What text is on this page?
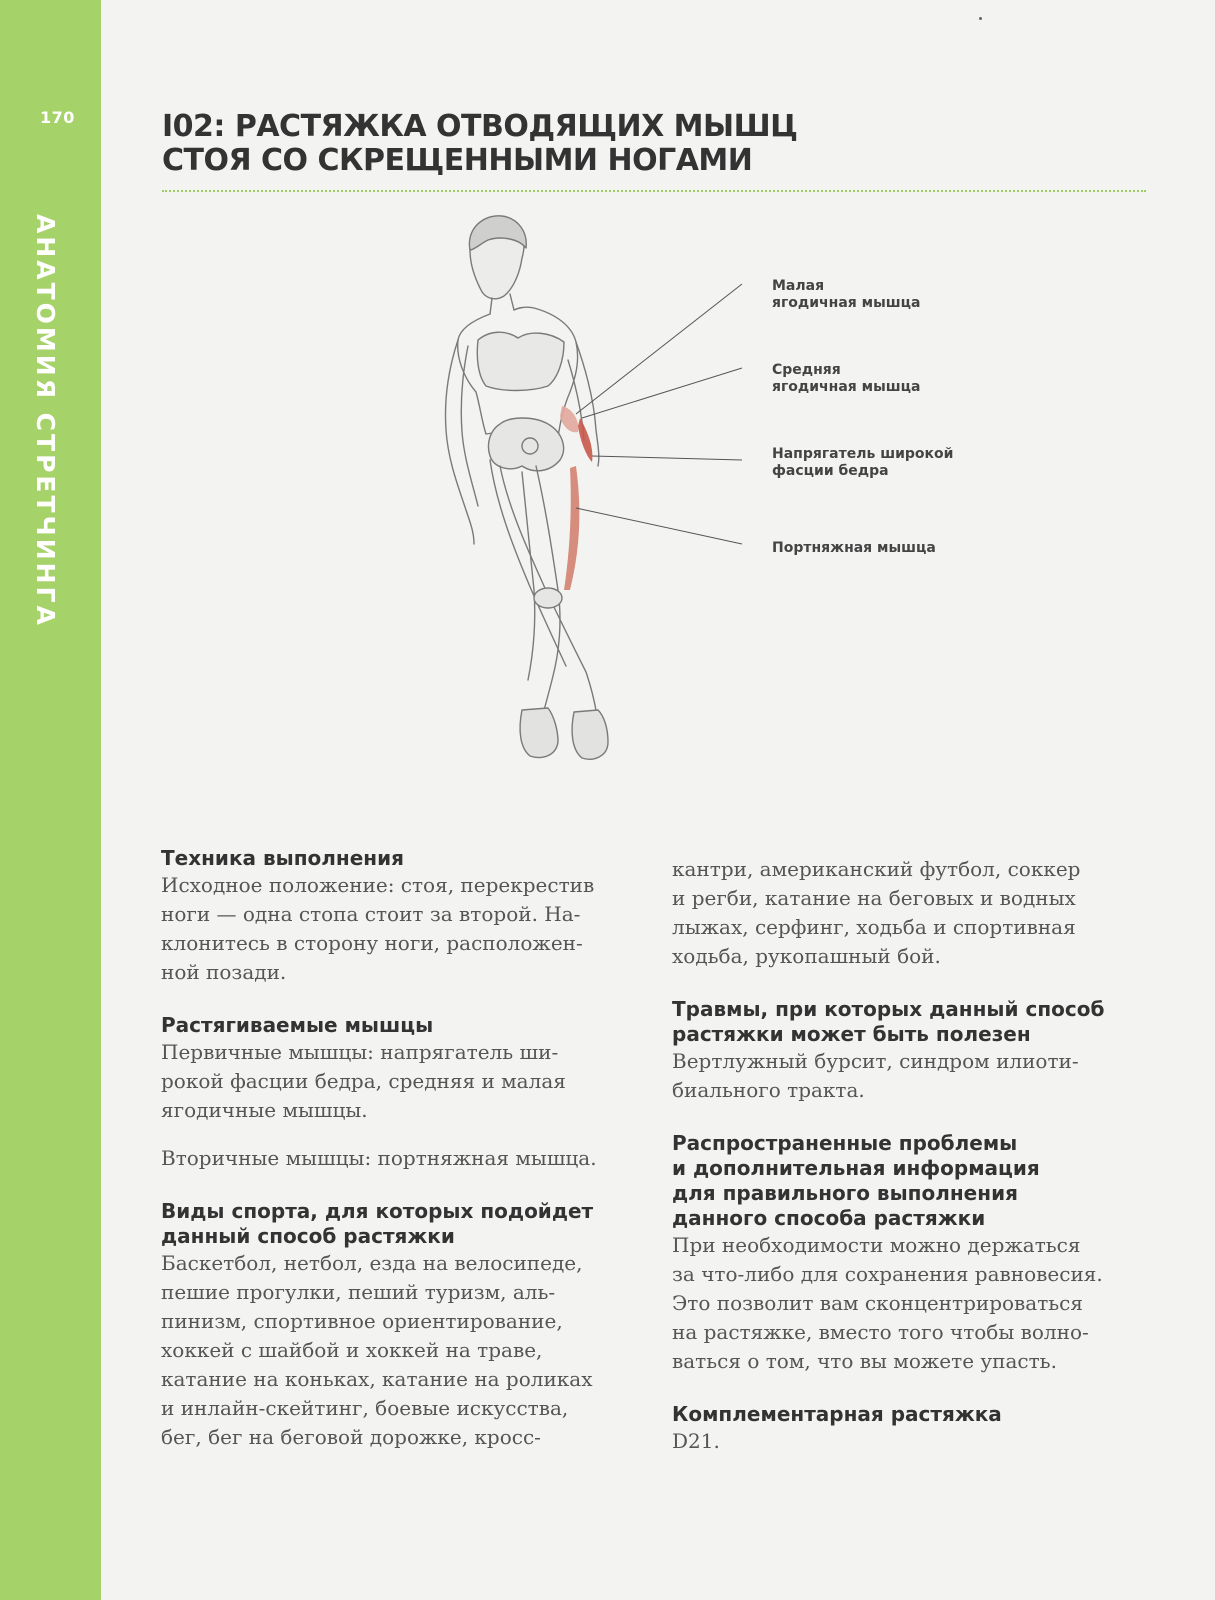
170
АНАТОМИЯ СТРЕТЧИНГА
I02: РАСТЯЖКА ОТВОДЯЩИХ МЫШЦ
СТОЯ СО СКРЕЩЕННЫМИ НОГАМИ
Малая
ягодичная мышца
Средняя
ягодичная мышца
Напрягатель широкой
фасции бедра
Портняжная мышца
Техника выполнения

Исходное положение: стоя, перекрестив
ноги — одна стопа стоит за второй. На-
клонитесь в сторону ноги, расположен-
ной позади.

Растягиваемые мышцы

Первичные мышцы: напрягатель ши-
рокой фасции бедра, средняя и малая
ягодичные мышцы.

Вторичные мышцы: портняжная мышца.

Виды спорта, для которых подойдет
данный способ растяжки

Баскетбол, нетбол, езда на велосипеде,
пешие прогулки, пеший туризм, аль-
пинизм, спортивное ориентирование,
хоккей с шайбой и хоккей на траве,
катание на коньках, катание на роликах
и инлайн-скейтинг, боевые искусства,
бег, бег на беговой дорожке, кросс-

кантри, американский футбол, соккер
и регби, катание на беговых и водных
лыжах, серфинг, ходьба и спортивная
ходьба, рукопашный бой.

Травмы, при которых данный способ
растяжки может быть полезен

Вертлужный бурсит, синдром илиоти-
биального тракта.

Распространенные проблемы
и дополнительная информация
для правильного выполнения
данного способа растяжки

При необходимости можно держаться
за что-либо для сохранения равновесия.
Это позволит вам сконцентрироваться
на растяжке, вместо того чтобы волно-
ваться о том, что вы можете упасть.

Комплементарная растяжка

D21.
